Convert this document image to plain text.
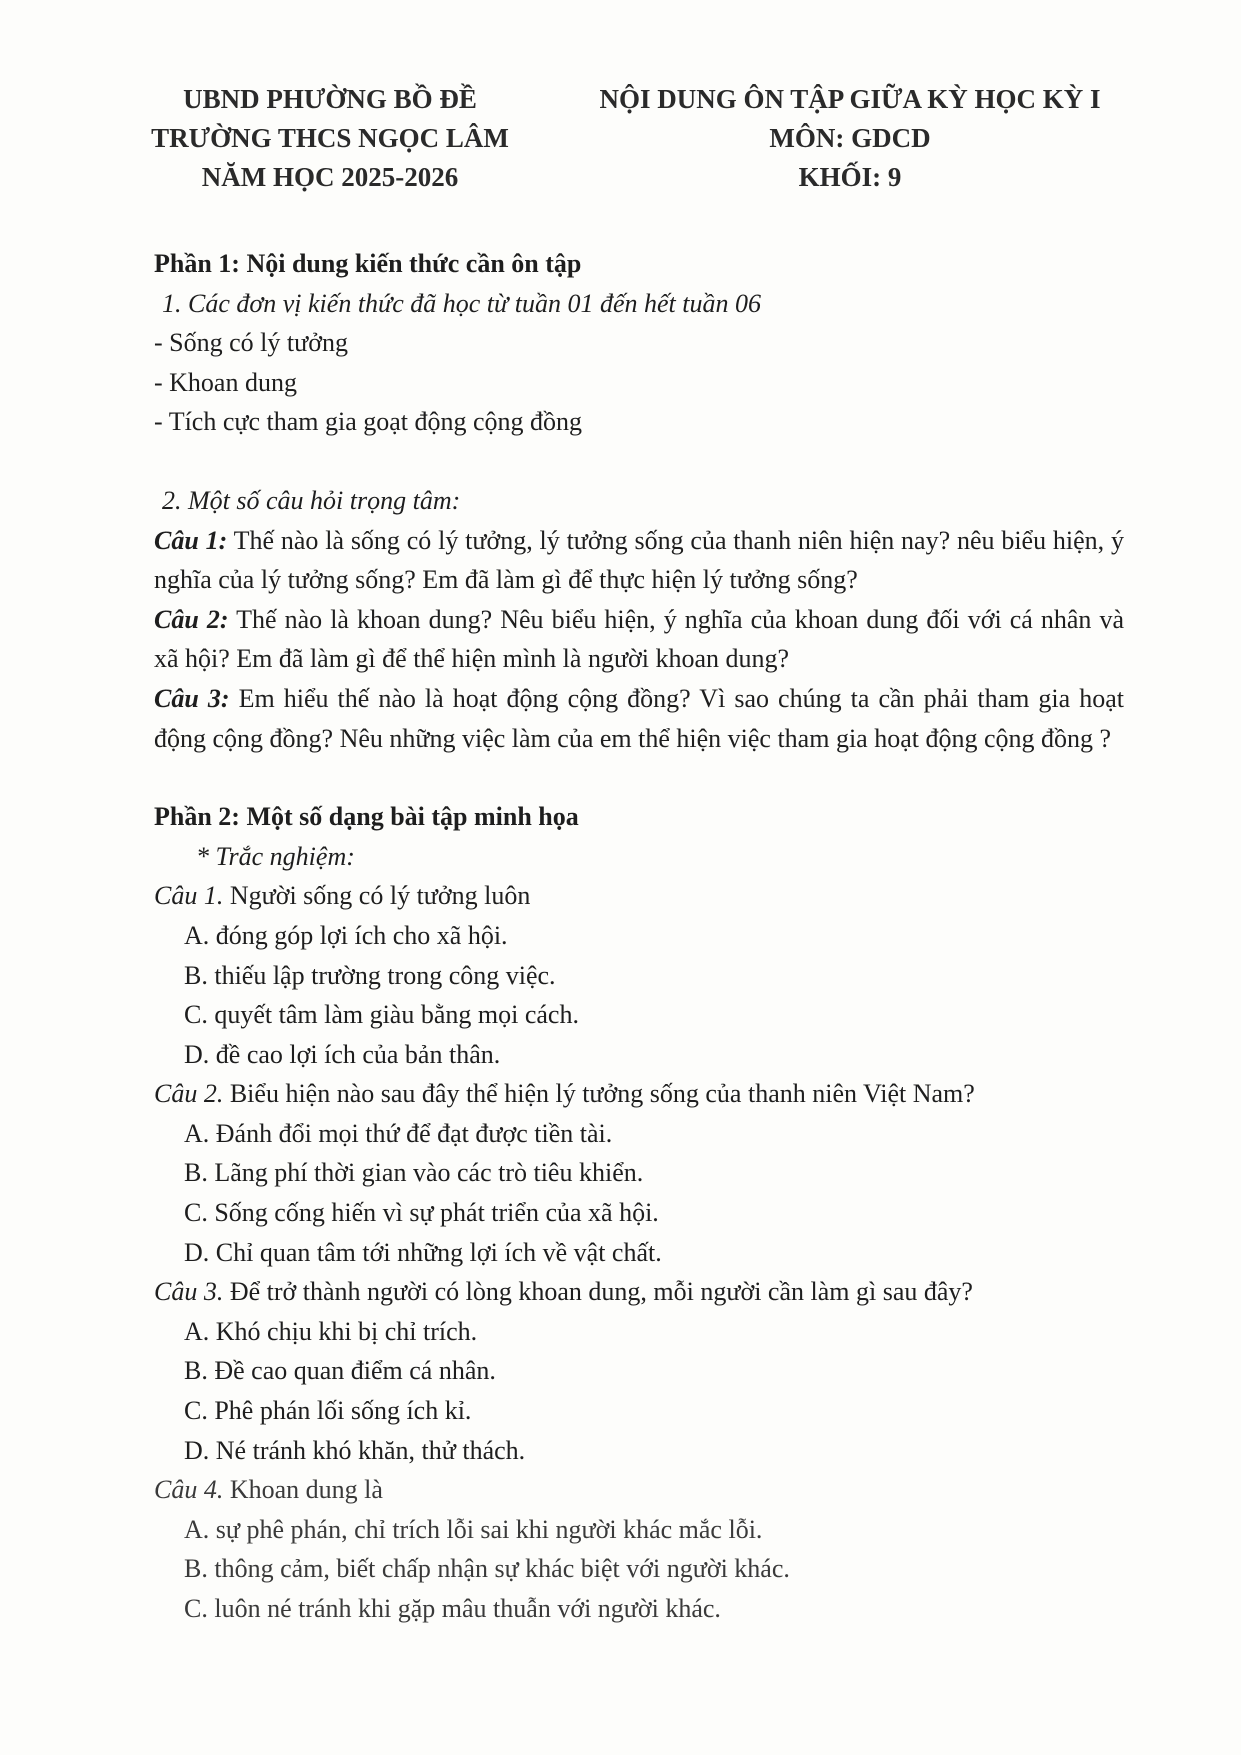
UBND PHƯỜNG BỒ ĐỀ
TRƯỜNG THCS NGỌC LÂM
NĂM HỌC 2025-2026
NỘI DUNG ÔN TẬP GIỮA KỲ HỌC KỲ I
MÔN: GDCD
KHỐI: 9
Phần 1: Nội dung kiến thức cần ôn tập
1. Các đơn vị kiến thức đã học từ tuần 01 đến hết tuần 06
- Sống có lý tưởng
- Khoan dung
- Tích cực tham gia goạt động cộng đồng
2. Một số câu hỏi trọng tâm:
Câu 1: Thế nào là sống có lý tưởng, lý tưởng sống của thanh niên hiện nay? nêu biểu hiện, ý nghĩa của lý tưởng sống? Em đã làm gì để thực hiện lý tưởng sống?
Câu 2: Thế nào là khoan dung? Nêu biểu hiện, ý nghĩa của khoan dung đối với cá nhân và xã hội? Em đã làm gì để thể hiện mình là người khoan dung?
Câu 3: Em hiểu thế nào là hoạt động cộng đồng? Vì sao chúng ta cần phải tham gia hoạt động cộng đồng? Nêu những việc làm của em thể hiện việc tham gia hoạt động cộng đồng ?
Phần 2: Một số dạng bài tập minh họa
* Trắc nghiệm:
Câu 1. Người sống có lý tưởng luôn
A. đóng góp lợi ích cho xã hội.
B. thiếu lập trường trong công việc.
C. quyết tâm làm giàu bằng mọi cách.
D. đề cao lợi ích của bản thân.
Câu 2. Biểu hiện nào sau đây thể hiện lý tưởng sống của thanh niên Việt Nam?
A. Đánh đổi mọi thứ để đạt được tiền tài.
B. Lãng phí thời gian vào các trò tiêu khiển.
C. Sống cống hiến vì sự phát triển của xã hội.
D. Chỉ quan tâm tới những lợi ích về vật chất.
Câu 3. Để trở thành người có lòng khoan dung, mỗi người cần làm gì sau đây?
A. Khó chịu khi bị chỉ trích.
B. Đề cao quan điểm cá nhân.
C. Phê phán lối sống ích kỉ.
D. Né tránh khó khăn, thử thách.
Câu 4. Khoan dung là
A. sự phê phán, chỉ trích lỗi sai khi người khác mắc lỗi.
B. thông cảm, biết chấp nhận sự khác biệt với người khác.
C. luôn né tránh khi gặp mâu thuẫn với người khác.
